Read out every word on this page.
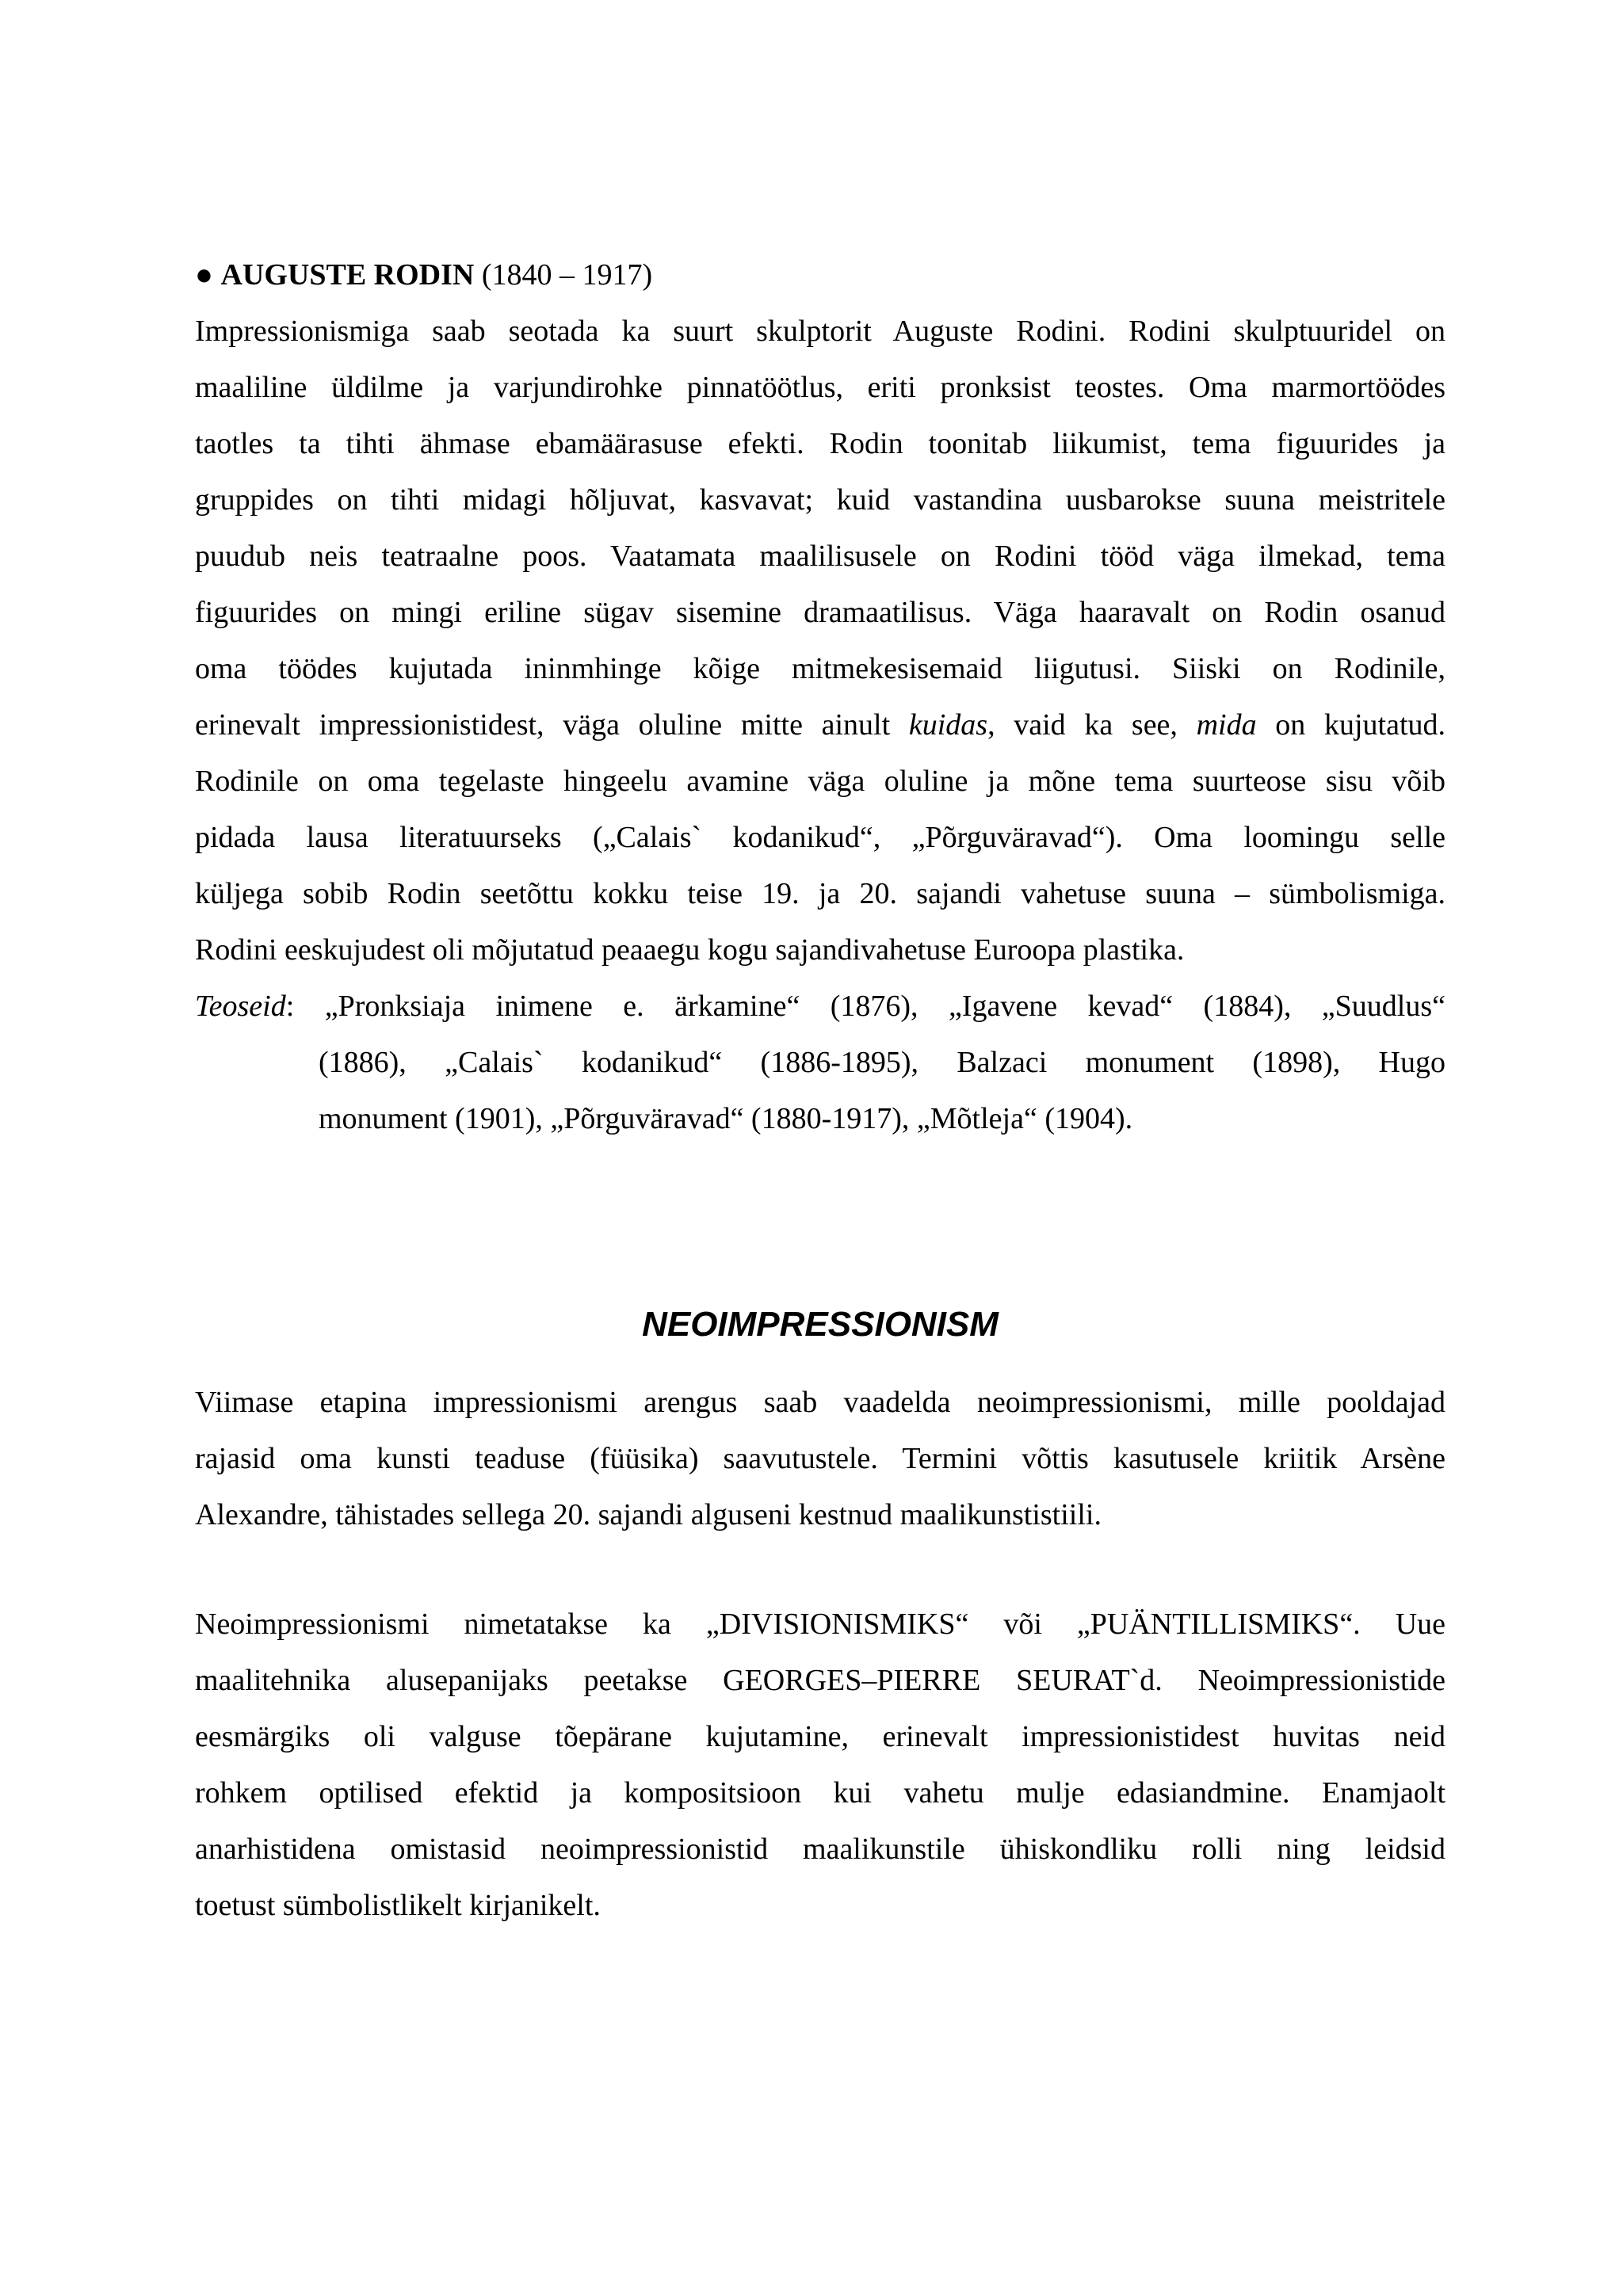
● AUGUSTE RODIN (1840 – 1917)
Impressionismiga saab seotada ka suurt skulptorit Auguste Rodini. Rodini skulptuuridel on
maaliline üldilme ja varjundirohke pinnatöötlus, eriti pronksist teostes. Oma marmortöödes
taotles ta tihti ähmase ebamäärasuse efekti. Rodin toonitab liikumist, tema figuurides ja
gruppides on tihti midagi hõljuvat, kasvavat; kuid vastandina uusbarokse suuna meistritele
puudub neis teatraalne poos. Vaatamata maalilisusele on Rodini tööd väga ilmekad, tema
figuurides on mingi eriline sügav sisemine dramaatilisus. Väga haaravalt on Rodin osanud
oma töödes kujutada ininmhinge kõige mitmekesisemaid liigutusi. Siiski on Rodinile,
erinevalt impressionistidest, väga oluline mitte ainult kuidas, vaid ka see, mida on kujutatud.
Rodinile on oma tegelaste hingeelu avamine väga oluline ja mõne tema suurteose sisu võib
pidada lausa literatuurseks („Calais` kodanikud“, „Põrguväravad“). Oma loomingu selle
küljega sobib Rodin seetõttu kokku teise 19. ja 20. sajandi vahetuse suuna – sümbolismiga.
Rodini eeskujudest oli mõjutatud peaaegu kogu sajandivahetuse Euroopa plastika.
Teoseid: „Pronksiaja inimene e. ärkamine“ (1876), „Igavene kevad“ (1884), „Suudlus“
(1886), „Calais` kodanikud“ (1886-1895), Balzaci monument (1898), Hugo
monument (1901), „Põrguväravad“ (1880-1917), „Mõtleja“ (1904).
NEOIMPRESSIONISM
Viimase etapina impressionismi arengus saab vaadelda neoimpressionismi, mille pooldajad
rajasid oma kunsti teaduse (füüsika) saavutustele. Termini võttis kasutusele kriitik Arsène
Alexandre, tähistades sellega 20. sajandi alguseni kestnud maalikunstistiili.
Neoimpressionismi nimetatakse ka „DIVISIONISMIKS“ või „PUÄNTILLISMIKS“. Uue
maalitehnika alusepanijaks peetakse GEORGES–PIERRE SEURAT`d. Neoimpressionistide
eesmärgiks oli valguse tõepärane kujutamine, erinevalt impressionistidest huvitas neid
rohkem optilised efektid ja kompositsioon kui vahetu mulje edasiandmine. Enamjaolt
anarhistidena omistasid neoimpressionistid maalikunstile ühiskondliku rolli ning leidsid
toetust sümbolistlikelt kirjanikelt.
